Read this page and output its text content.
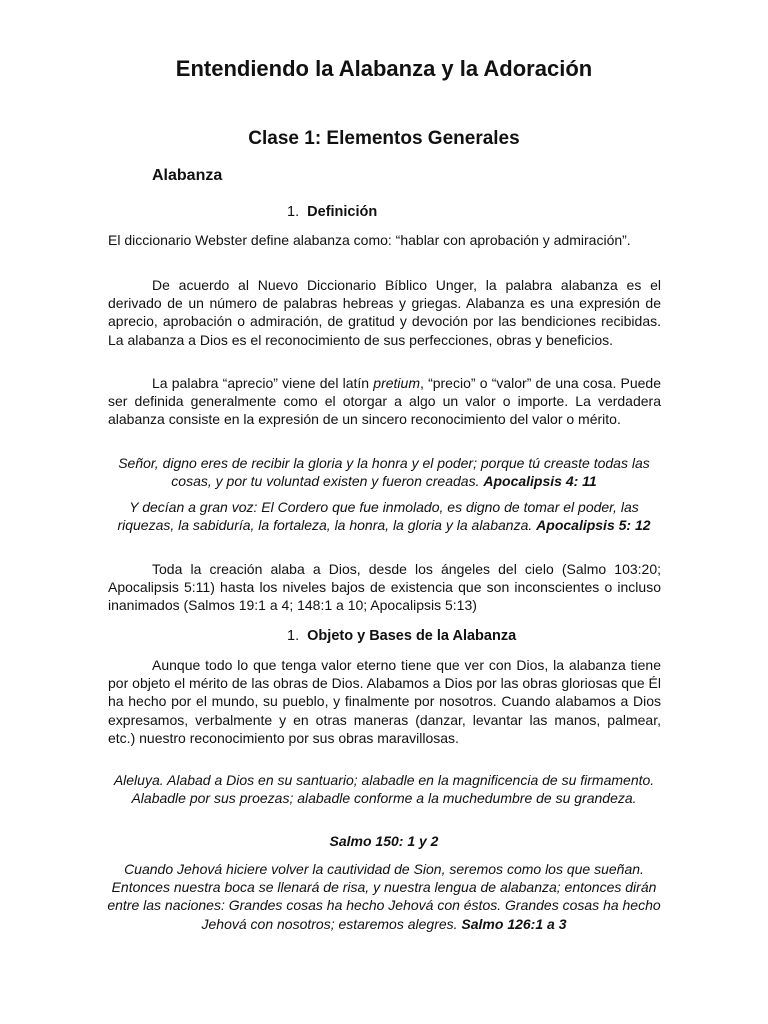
Entendiendo la Alabanza y la Adoración
Clase 1: Elementos Generales
Alabanza

1. Definición

El diccionario Webster define alabanza como: “hablar con aprobación y admiración”.

De acuerdo al Nuevo Diccionario Bíblico Unger, la palabra alabanza es el derivado de un número de palabras hebreas y griegas. Alabanza es una expresión de aprecio, aprobación o admiración, de gratitud y devoción por las bendiciones recibidas. La alabanza a Dios es el reconocimiento de sus perfecciones, obras y beneficios.

La palabra “aprecio” viene del latín pretium, “precio” o “valor” de una cosa. Puede ser definida generalmente como el otorgar a algo un valor o importe. La verdadera alabanza consiste en la expresión de un sincero reconocimiento del valor o mérito.

Señor, digno eres de recibir la gloria y la honra y el poder; porque tú creaste todas las cosas, y por tu voluntad existen y fueron creadas. Apocalipsis 4: 11

Y decían a gran voz: El Cordero que fue inmolado, es digno de tomar el poder, las riquezas, la sabiduría, la fortaleza, la honra, la gloria y la alabanza. Apocalipsis 5: 12

Toda la creación alaba a Dios, desde los ángeles del cielo (Salmo 103:20; Apocalipsis 5:11) hasta los niveles bajos de existencia que son inconscientes o incluso inanimados (Salmos 19:1 a 4; 148:1 a 10; Apocalipsis 5:13)

1. Objeto y Bases de la Alabanza

Aunque todo lo que tenga valor eterno tiene que ver con Dios, la alabanza tiene por objeto el mérito de las obras de Dios. Alabamos a Dios por las obras gloriosas que Él ha hecho por el mundo, su pueblo, y finalmente por nosotros. Cuando alabamos a Dios expresamos, verbalmente y en otras maneras (danzar, levantar las manos, palmear, etc.) nuestro reconocimiento por sus obras maravillosas.

Aleluya. Alabad a Dios en su santuario; alabadle en la magnificencia de su firmamento. Alabadle por sus proezas; alabadle conforme a la muchedumbre de su grandeza.

Salmo 150: 1 y 2

Cuando Jehová hiciere volver la cautividad de Sion, seremos como los que sueñan. Entonces nuestra boca se llenará de risa, y nuestra lengua de alabanza; entonces dirán entre las naciones: Grandes cosas ha hecho Jehová con éstos. Grandes cosas ha hecho Jehová con nosotros; estaremos alegres. Salmo 126:1 a 3
